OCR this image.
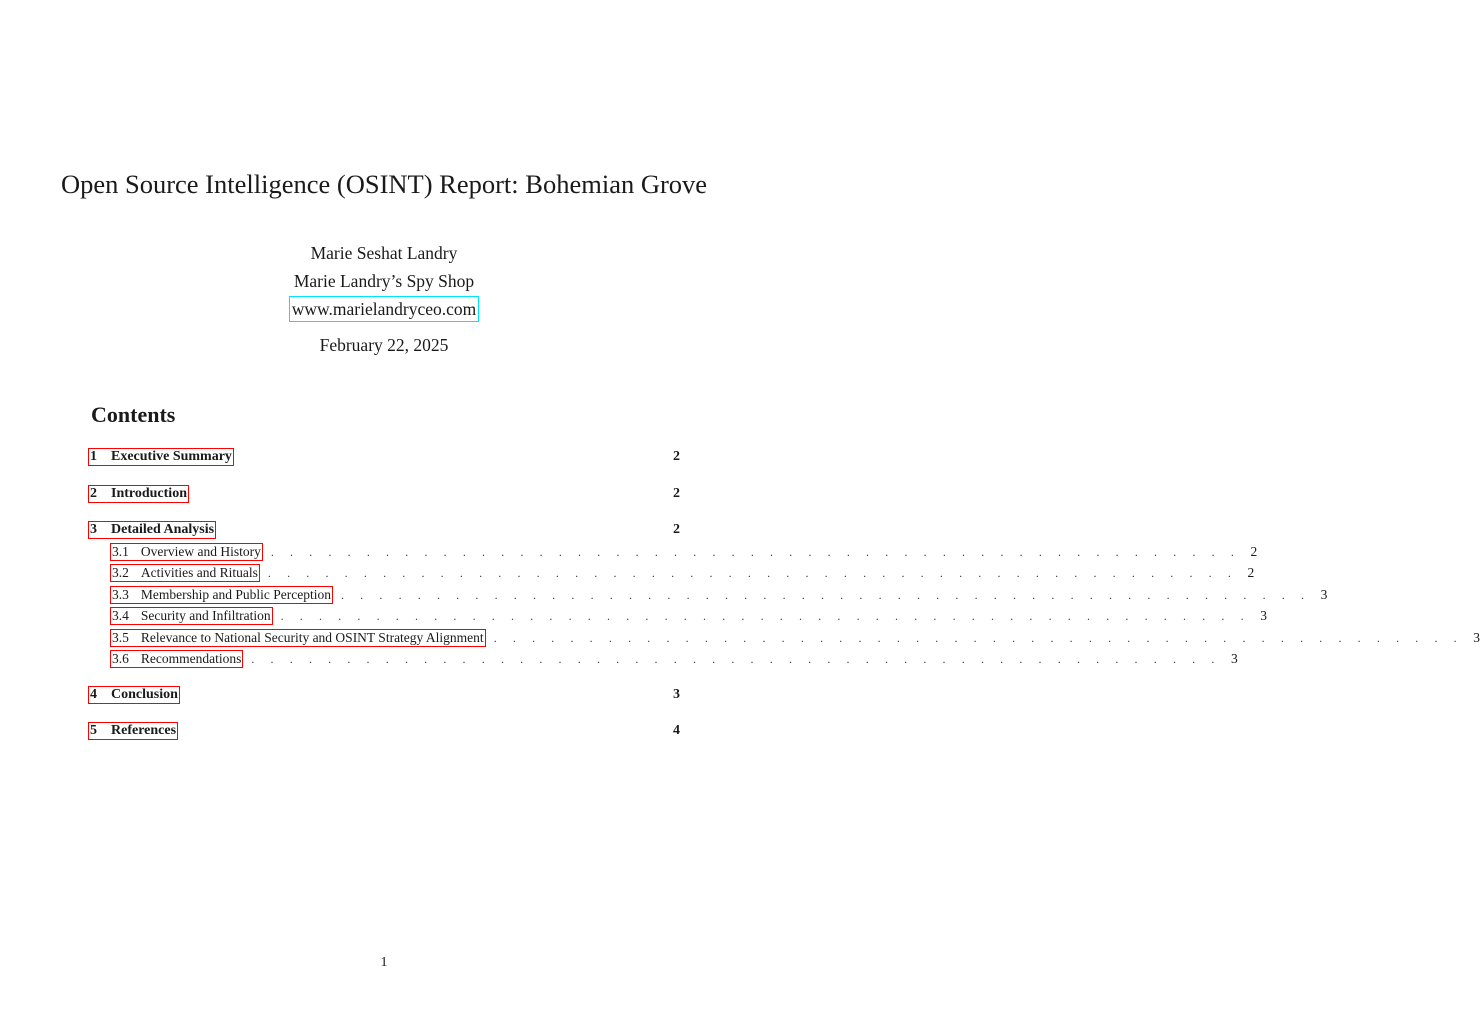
Open Source Intelligence (OSINT) Report: Bohemian Grove
Marie Seshat Landry
Marie Landry’s Spy Shop
www.marielandryceo.com
February 22, 2025
Contents
1 Executive Summary	2
2 Introduction	2
3 Detailed Analysis	2
3.1 Overview and History . . . . . . . . . . . . . . . . . . . . . . . . . . . . . . . . . . . . . . . . . . . . . . . . . . . 2
3.2 Activities and Rituals . . . . . . . . . . . . . . . . . . . . . . . . . . . . . . . . . . . . . . . . . . . . . . . . . . . 2
3.3 Membership and Public Perception . . . . . . . . . . . . . . . . . . . . . . . . . . . . . . . . . . . . . . . . . . . . . . . . . . . 3
3.4 Security and Infiltration . . . . . . . . . . . . . . . . . . . . . . . . . . . . . . . . . . . . . . . . . . . . . . . . . . . 3
3.5 Relevance to National Security and OSINT Strategy Alignment . . . . . . . . . . . . . . . . . . . . . . . . . . . . . . . . . . . . . . . . . . . . . . . . . . . 3
3.6 Recommendations . . . . . . . . . . . . . . . . . . . . . . . . . . . . . . . . . . . . . . . . . . . . . . . . . . . 3
4 Conclusion	3
5 References	4
1
